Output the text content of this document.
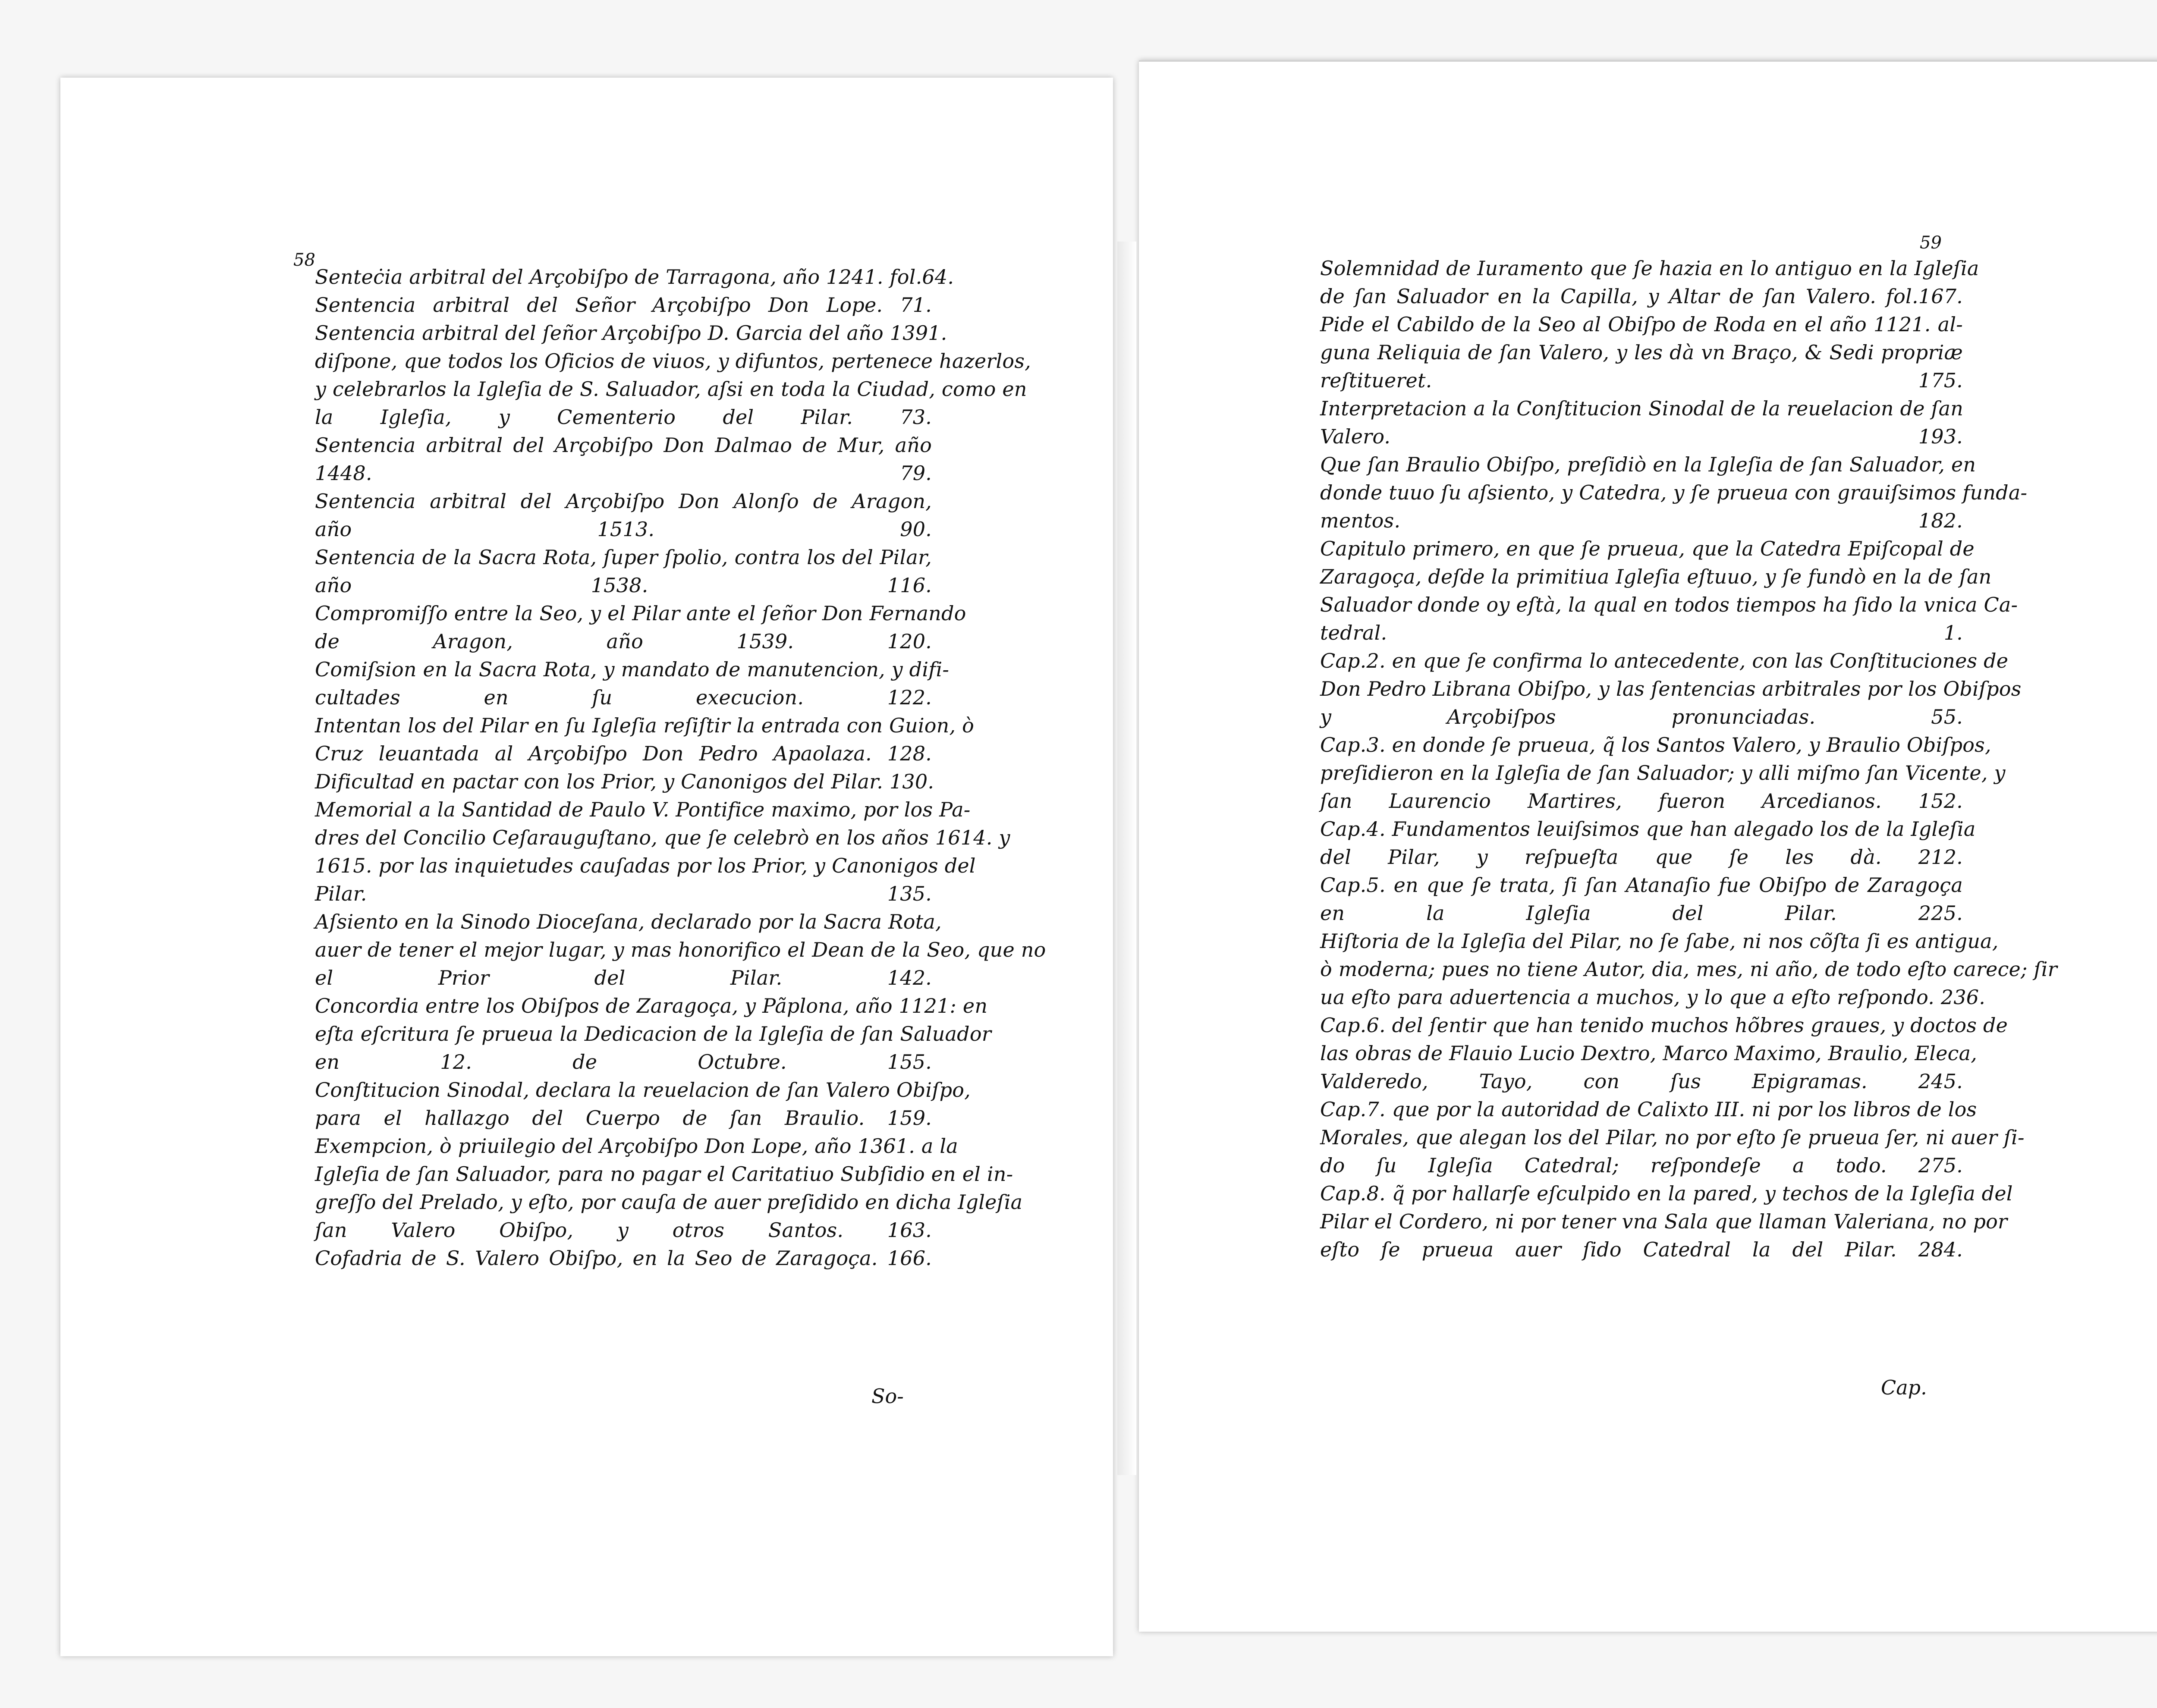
58
Senteċia arbitral del Arçobiſpo de Tarragona, año 1241. fol.64.
Sentencia arbitral del Señor Arçobiſpo Don Lope. 71.
Sentencia arbitral del ſeñor Arçobiſpo D. Garcia del año 1391.
diſpone, que todos los Oficios de viuos, y difuntos, pertenece hazerlos,
y celebrarlos la Igleſia de S. Saluador, aſsi en toda la Ciudad, como en
la Igleſia, y Cementerio del Pilar. 73.
Sentencia arbitral del Arçobiſpo Don Dalmao de Mur, año
1448. 79.
Sentencia arbitral del Arçobiſpo Don Alonſo de Aragon,
año 1513. 90.
Sentencia de la Sacra Rota, ſuper ſpolio, contra los del Pilar,
año 1538. 116.
Compromiſſo entre la Seo, y el Pilar ante el ſeñor Don Fernando
de Aragon, año 1539. 120.
Comiſsion en la Sacra Rota, y mandato de manutencion, y difi-
cultades en ſu execucion. 122.
Intentan los del Pilar en ſu Igleſia reſiſtir la entrada con Guion, ò
Cruz leuantada al Arçobiſpo Don Pedro Apaolaza. 128.
Dificultad en pactar con los Prior, y Canonigos del Pilar. 130.
Memorial a la Santidad de Paulo V. Pontifice maximo, por los Pa-
dres del Concilio Ceſarauguſtano, que ſe celebrò en los años 1614. y
1615. por las inquietudes cauſadas por los Prior, y Canonigos del
Pilar. 135.
Aſsiento en la Sinodo Dioceſana, declarado por la Sacra Rota,
auer de tener el mejor lugar, y mas honorifico el Dean de la Seo, que no
el Prior del Pilar. 142.
Concordia entre los Obiſpos de Zaragoça, y Pãplona, año 1121: en
eſta eſcritura ſe prueua la Dedicacion de la Igleſia de ſan Saluador
en 12. de Octubre. 155.
Conſtitucion Sinodal, declara la reuelacion de ſan Valero Obiſpo,
para el hallazgo del Cuerpo de ſan Braulio. 159.
Exempcion, ò priuilegio del Arçobiſpo Don Lope, año 1361. a la
Igleſia de ſan Saluador, para no pagar el Caritatiuo Subſidio en el in-
greſſo del Prelado, y eſto, por cauſa de auer preſidido en dicha Igleſia
ſan Valero Obiſpo, y otros Santos. 163.
Cofadria de S. Valero Obiſpo, en la Seo de Zaragoça. 166.
So-
59
Solemnidad de Iuramento que ſe hazia en lo antiguo en la Igleſia
de ſan Saluador en la Capilla, y Altar de ſan Valero. fol.167.
Pide el Cabildo de la Seo al Obiſpo de Roda en el año 1121. al-
guna Reliquia de ſan Valero, y les dà vn Braço, & Sedi propriæ
reſtitueret. 175.
Interpretacion a la Conſtitucion Sinodal de la reuelacion de ſan
Valero. 193.
Que ſan Braulio Obiſpo, preſidiò en la Igleſia de ſan Saluador, en
donde tuuo ſu aſsiento, y Catedra, y ſe prueua con grauiſsimos funda-
mentos. 182.
Capitulo primero, en que ſe prueua, que la Catedra Epiſcopal de
Zaragoça, deſde la primitiua Igleſia eſtuuo, y ſe fundò en la de ſan
Saluador donde oy eſtà, la qual en todos tiempos ha ſido la vnica Ca-
tedral. 1.
Cap.2. en que ſe confirma lo antecedente, con las Conſtituciones de
Don Pedro Librana Obiſpo, y las ſentencias arbitrales por los Obiſpos
y Arçobiſpos pronunciadas. 55.
Cap.3. en donde ſe prueua, q̃ los Santos Valero, y Braulio Obiſpos,
preſidieron en la Igleſia de ſan Saluador; y alli miſmo ſan Vicente, y
ſan Laurencio Martires, fueron Arcedianos. 152.
Cap.4. Fundamentos leuiſsimos que han alegado los de la Igleſia
del Pilar, y reſpueſta que ſe les dà. 212.
Cap.5. en que ſe trata, ſi ſan Atanaſio fue Obiſpo de Zaragoça
en la Igleſia del Pilar. 225.
Hiſtoria de la Igleſia del Pilar, no ſe ſabe, ni nos cõſta ſi es antigua,
ò moderna; pues no tiene Autor, dia, mes, ni año, de todo eſto carece; ſir
ua eſto para aduertencia a muchos, y lo que a eſto reſpondo. 236.
Cap.6. del ſentir que han tenido muchos hõbres graues, y doctos de
las obras de Flauio Lucio Dextro, Marco Maximo, Braulio, Eleca,
Valderedo, Tayo, con ſus Epigramas. 245.
Cap.7. que por la autoridad de Calixto III. ni por los libros de los
Morales, que alegan los del Pilar, no por eſto ſe prueua ſer, ni auer ſi-
do ſu Igleſia Catedral; reſpondeſe a todo. 275.
Cap.8. q̃ por hallarſe eſculpido en la pared, y techos de la Igleſia del
Pilar el Cordero, ni por tener vna Sala que llaman Valeriana, no por
eſto ſe prueua auer ſido Catedral la del Pilar. 284.
Cap.
